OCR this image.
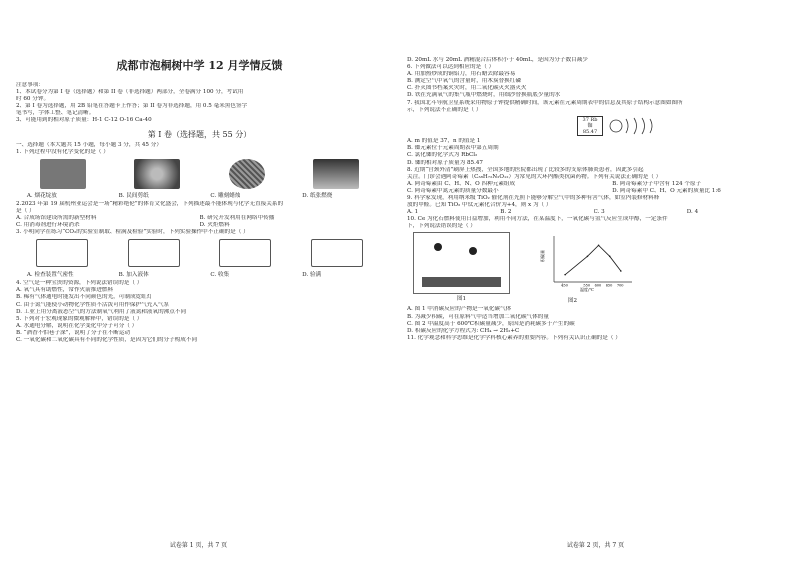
成都市泡桐树中学 12 月学情反馈
注意事项：
1、本试卷分为第 I 卷（选择题）和第 II 卷（非选择题）两部分，全卷满分 100 分，考试用
时 60 分钟。
2、第 I 卷为选择题，用 2B 铅笔在答题卡上作答；第 II 卷为非选择题，用 0.5 毫米黑色签字
笔书写，字体工整、笔记清晰。
3、可能用到的相对原子质量：H-1 C-12 O-16 Ca-40
第 I 卷（选择题，共 55 分）
一、选择题（本大题共 15 小题，每小题 3 分，共 45 分）
1. 下列过程中没有化学变化的是（ ）
A. 烟花绽放	B. 民间剪纸	C. 雕刻蜡烛	D. 纸张燃烧
2.2023 年第 19 届杭州亚运会是一场“精彩绝伦”的体育文化盛会，下列描述最不能体现与化学无直接关系的
是（ ）
A. 合成场馆建设所需的新型材料	B. 研究开发利用在网络中传播
C. 用消毒剂进行环境消杀	D. 火炬燃料
3. 小明同学在练习“CO₂的实验室制取、检满及检验”实验时，下列实验操作中不正确的是（ ）
A. 检查装置气密性	B. 加入液体	C. 收集	D. 验满
4. 空气是一种宝贵的资源，下列说法错误的是（ ）
A. 氧气具有助燃性，常作火箭推进燃料
B. 稀有气体通电时能发出不同颜色的光，可制成霓虹灯
C. 由于氮气能使小动物化学性质不活泼可用作保护气充入气泵
D. 工业上用分离液态空气的方法制氧气利用了液氮和液氧的沸点不同
5. 下列对于宏观现象的微观解释中，错误的是（ ）
A. 水通电分解，说明在化学变化中分子可分（ ）
B. “酒香不怕巷子深”，说明了分子在不断运动
C. 一氧化碳和二氧化碳具有不同的化学性质，是因为它们的分子构成不同
试卷第 1 页，共 7 页
D. 20mL 水与 20mL 酒精混合后体积小于 40mL，是因为分子数目减少
6. 下列做法可以达到相应的是（ ）
A. 用加热炒成的铜铝刀，用石蜡去除最容易
B. 测定空气中氧气的含量时，用木炭替换红磷
C. 扑灭图书档案火灾时，用二氧化碳灭火器灭火
D. 铁在充满氧气的集气瓶中燃烧时，用细沙替换瓶底少量的水
7. 我国北斗导航卫星系统采用物原子钟提供精确时间，该元素在元素周期表中的信息及其原子结构示意图如图所
示，下列说法不正确的是（ ）
37 Rb
铷
85.47
A. m 的值是 37，n 的值是 1
B. 铷元素位于元素周期表中第五周期
C. 氯化铷的化学式为 RbCl₂
D. 铷的相对原子质量为 85.47
8. 近期“宫颈外清”刷屏上热搜，全国多地的医院都出现了比较多的支原体肺炎患者，因此多引起
关注。门诊会遇阿奇霉素（C₃₈H₇₂N₂O₁₂）为常见的大环内酯类抗菌药物。下列有关说法正确的是（ ）
A. 阿奇霉素由 C、H、N、O 四种元素组成	B. 阿奇霉素分子中含有 124 个原子
C. 阿奇霉素中氮元素的质量分数最小	D. 阿奇霉素中 C、H、O 元素的质量比 1:6
9. 科学家发现，利用纳米级 TiO₂ 催化剂在光照下能够分解空气中的多种有害气体，如室内装修材料释
放的甲醛。已知 TiO₂ 中钛元素化合价为+4，则 x 为（ ）
A. 1	B. 2	C. 3	D. 4
10. Ce 为化石燃料使用日益增加，利用不同方法，在某温度下，一氧化碳与氢气反应生成甲醇，一定条件
下，下列说法错误的是（ ）
图1
积碳量
温度/℃
450	550 600 650 700
图2
A. 图 1 中消碳反应的产物是一氧化碳气体
B. 为减少积碳，可在原料气中适当增加二氧化碳气体的量
C. 图 2 中温度高于 600℃积碳量减少，原因是消耗碳多于产生的碳
D. 积碳反应的化学方程式为: CH₄ → 2H₂+C
11. 化学观念和科学思维是化学学科核心素养的重要内容。下列有关认识正确的是（ ）
试卷第 2 页，共 7 页
